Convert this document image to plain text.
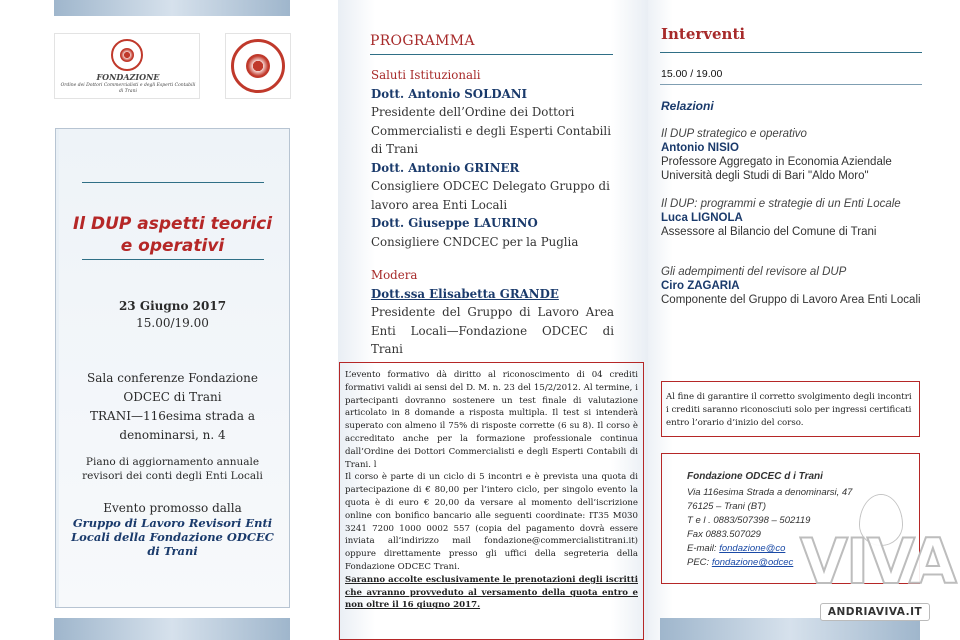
FONDAZIONE
Ordine dei Dottori Commercialisti e degli Esperti Contabili di Trani
Il DUP aspetti teorici e operativi
23 Giugno 2017
15.00/19.00
Sala conferenze Fondazione
ODCEC di Trani
TRANI—116esima strada a
denominarsi, n. 4
Piano di aggiornamento annuale revisori dei conti degli Enti Locali
Evento promosso dalla
Gruppo di Lavoro Revisori Enti Locali della Fondazione ODCEC di Trani
PROGRAMMA
Saluti Istituzionali
Dott. Antonio SOLDANI
Presidente dell’Ordine dei Dottori Commercialisti e degli Esperti Contabili di Trani
Dott. Antonio GRINER
Consigliere ODCEC Delegato Gruppo di lavoro area Enti Locali
Dott. Giuseppe LAURINO
Consigliere CNDCEC per la Puglia
Modera
Dott.ssa Elisabetta GRANDE
Presidente del Gruppo di Lavoro Area Enti Locali—Fondazione ODCEC di Trani
L’evento formativo dà diritto al riconoscimento di 04 crediti formativi validi ai sensi del D. M. n. 23 del 15/2/2012. Al termine, i partecipanti dovranno sostenere un test finale di valutazione articolato in 8 domande a risposta multipla. Il test si intenderà superato con almeno il 75% di risposte corrette (6 su 8). Il corso è accreditato anche per la formazione professionale continua dall’Ordine dei Dottori Commercialisti e degli Esperti Contabili di Trani. l
Il corso è parte di un ciclo di 5 incontri e è prevista una quota di partecipazione di € 80,00 per l’intero ciclo, per singolo evento la quota è di euro € 20,00 da versare al momento dell’iscrizione online con bonifico bancario alle seguenti coordinate: IT35 M030 3241 7200 1000 0002 557 (copia del pagamento dovrà essere inviata all’indirizzo mail fondazione@commercialistitrani.it) oppure direttamente presso gli uffici della segreteria della Fondazione ODCEC Trani.
Saranno accolte esclusivamente le prenotazioni degli iscritti che avranno provveduto al versamento della quota entro e non oltre il 16 giugno 2017.
Interventi
15.00 / 19.00
Relazioni
Il DUP strategico e operativo
Antonio NISIO
Professore Aggregato in Economia Aziendale Università degli Studi di Bari "Aldo Moro"
Il DUP: programmi e strategie di un Enti Locale
Luca LIGNOLA
Assessore al Bilancio del Comune di Trani
Gli adempimenti del revisore al DUP
Ciro ZAGARIA
Componente del Gruppo di Lavoro Area Enti Locali
Al fine di garantire il corretto svolgimento degli incontri i crediti saranno riconosciuti solo per ingressi certificati entro l’orario d’inizio del corso.
Fondazione ODCEC d i Trani
Via 116esima Strada a denominarsi, 47
76125 – Trani (BT)
T e l . 0883/507398 – 502119
Fax 0883.507029
E-mail: fondazione@co
PEC: fondazione@odcec VIVA
ANDRIAVIVA.IT
